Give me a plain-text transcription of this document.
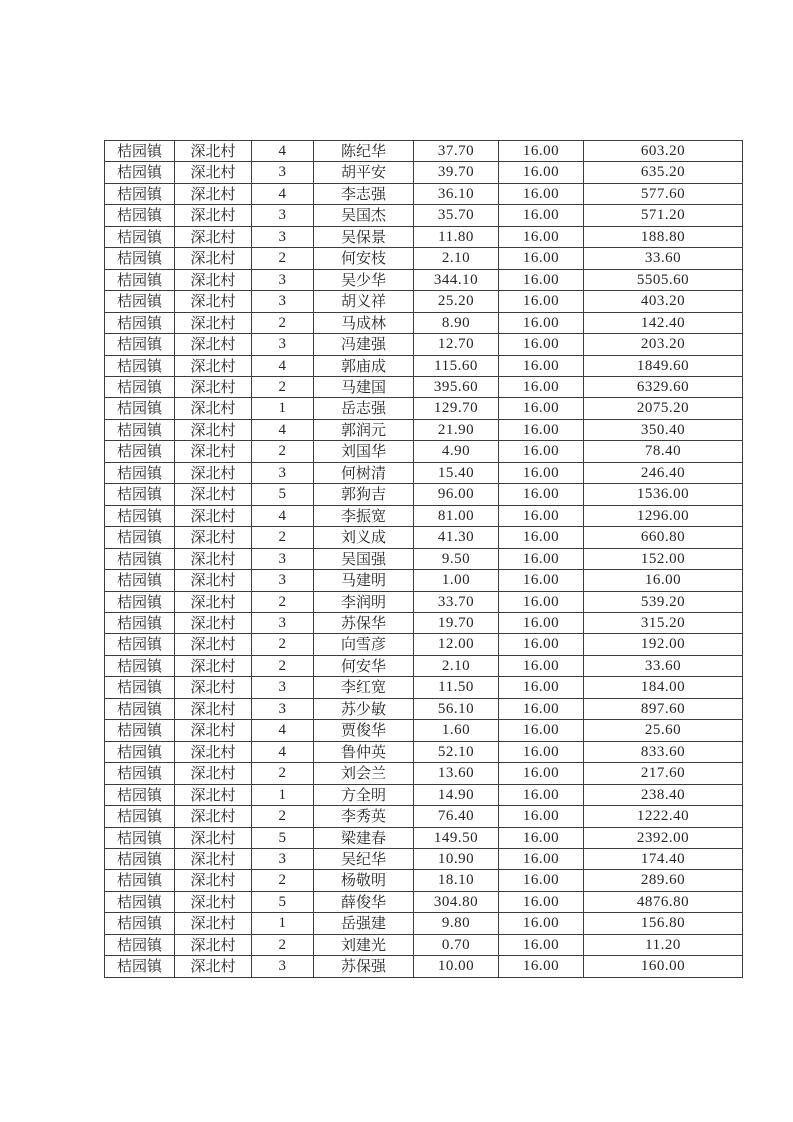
桔园镇	深北村	4	陈纪华	37.70	16.00	603.20
桔园镇	深北村	3	胡平安	39.70	16.00	635.20
桔园镇	深北村	4	李志强	36.10	16.00	577.60
桔园镇	深北村	3	吴国杰	35.70	16.00	571.20
桔园镇	深北村	3	吴保景	11.80	16.00	188.80
桔园镇	深北村	2	何安枝	2.10	16.00	33.60
桔园镇	深北村	3	吴少华	344.10	16.00	5505.60
桔园镇	深北村	3	胡义祥	25.20	16.00	403.20
桔园镇	深北村	2	马成林	8.90	16.00	142.40
桔园镇	深北村	3	冯建强	12.70	16.00	203.20
桔园镇	深北村	4	郭庙成	115.60	16.00	1849.60
桔园镇	深北村	2	马建国	395.60	16.00	6329.60
桔园镇	深北村	1	岳志强	129.70	16.00	2075.20
桔园镇	深北村	4	郭润元	21.90	16.00	350.40
桔园镇	深北村	2	刘国华	4.90	16.00	78.40
桔园镇	深北村	3	何树清	15.40	16.00	246.40
桔园镇	深北村	5	郭狗吉	96.00	16.00	1536.00
桔园镇	深北村	4	李振宽	81.00	16.00	1296.00
桔园镇	深北村	2	刘义成	41.30	16.00	660.80
桔园镇	深北村	3	吴国强	9.50	16.00	152.00
桔园镇	深北村	3	马建明	1.00	16.00	16.00
桔园镇	深北村	2	李润明	33.70	16.00	539.20
桔园镇	深北村	3	苏保华	19.70	16.00	315.20
桔园镇	深北村	2	向雪彦	12.00	16.00	192.00
桔园镇	深北村	2	何安华	2.10	16.00	33.60
桔园镇	深北村	3	李红宽	11.50	16.00	184.00
桔园镇	深北村	3	苏少敏	56.10	16.00	897.60
桔园镇	深北村	4	贾俊华	1.60	16.00	25.60
桔园镇	深北村	4	鲁仲英	52.10	16.00	833.60
桔园镇	深北村	2	刘会兰	13.60	16.00	217.60
桔园镇	深北村	1	方全明	14.90	16.00	238.40
桔园镇	深北村	2	李秀英	76.40	16.00	1222.40
桔园镇	深北村	5	梁建春	149.50	16.00	2392.00
桔园镇	深北村	3	吴纪华	10.90	16.00	174.40
桔园镇	深北村	2	杨敬明	18.10	16.00	289.60
桔园镇	深北村	5	薛俊华	304.80	16.00	4876.80
桔园镇	深北村	1	岳强建	9.80	16.00	156.80
桔园镇	深北村	2	刘建光	0.70	16.00	11.20
桔园镇	深北村	3	苏保强	10.00	16.00	160.00
